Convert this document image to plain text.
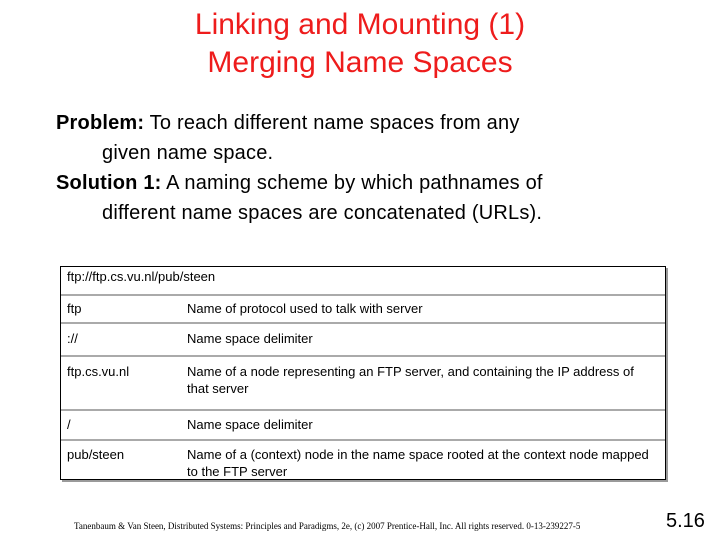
Linking and Mounting (1)
Merging Name Spaces
Problem: To reach different name spaces from any
given name space.
Solution 1: A naming scheme by which pathnames of
different name spaces are concatenated (URLs).
ftp://ftp.cs.vu.nl/pub/steen
ftp	Name of protocol used to talk with server
://	Name space delimiter
ftp.cs.vu.nl	Name of a node representing an FTP server, and containing the IP address of that server
/	Name space delimiter
pub/steen	Name of a (context) node in the name space rooted at the context node mapped to the FTP server
Tanenbaum & Van Steen, Distributed Systems: Principles and Paradigms, 2e, (c) 2007 Prentice-Hall, Inc. All rights reserved. 0-13-239227-5	5.16
